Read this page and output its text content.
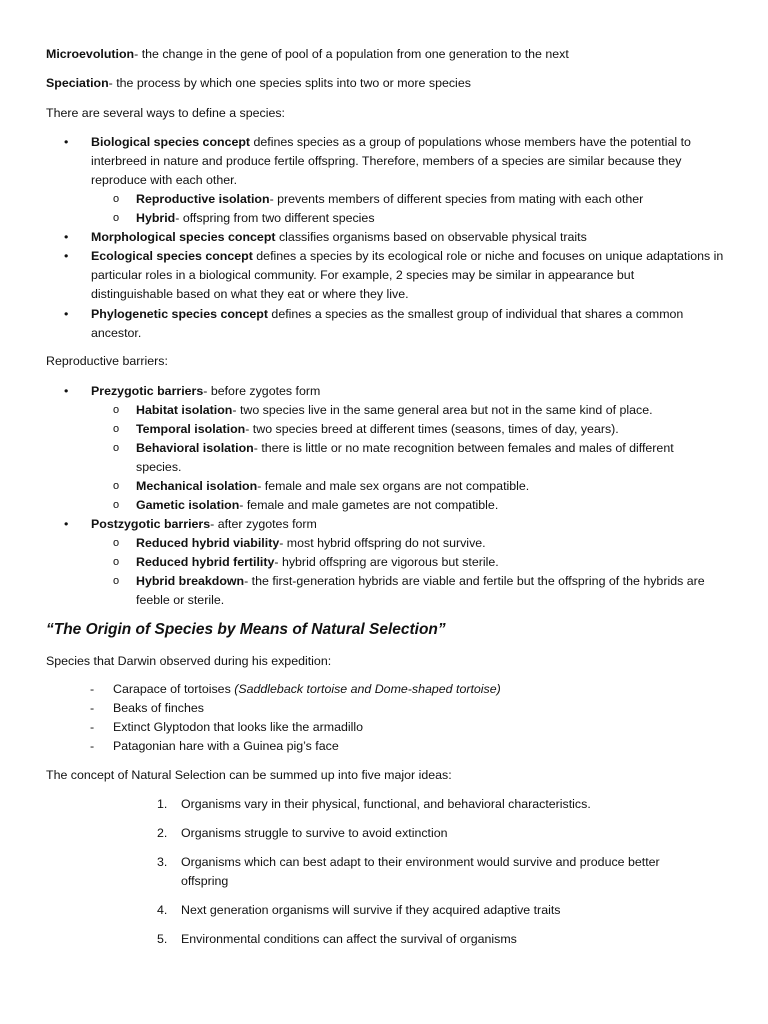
Microevolution- the change in the gene of pool of a population from one generation to the next
Speciation- the process by which one species splits into two or more species
There are several ways to define a species:
•	Biological species concept defines species as a group of populations whose members have the potential to
interbreed in nature and produce fertile offspring. Therefore, members of a species are similar because they
reproduce with each other.
o Reproductive isolation- prevents members of different species from mating with each other
o Hybrid- offspring from two different species
•	Morphological species concept classifies organisms based on observable physical traits
•	Ecological species concept defines a species by its ecological role or niche and focuses on unique adaptations in
particular roles in a biological community. For example, 2 species may be similar in appearance but
distinguishable based on what they eat or where they live.
•	Phylogenetic species concept defines a species as the smallest group of individual that shares a common
ancestor.
Reproductive barriers:
•	Prezygotic barriers- before zygotes form
o Habitat isolation- two species live in the same general area but not in the same kind of place.
o Temporal isolation- two species breed at different times (seasons, times of day, years).
o Behavioral isolation- there is little or no mate recognition between females and males of different
species.
o Mechanical isolation- female and male sex organs are not compatible.
o Gametic isolation- female and male gametes are not compatible.
•	Postzygotic barriers- after zygotes form
o Reduced hybrid viability- most hybrid offspring do not survive.
o Reduced hybrid fertility- hybrid offspring are vigorous but sterile.
o Hybrid breakdown- the first-generation hybrids are viable and fertile but the offspring of the hybrids are
feeble or sterile.
“The Origin of Species by Means of Natural Selection”
Species that Darwin observed during his expedition:
- Carapace of tortoises (Saddleback tortoise and Dome-shaped tortoise)
- Beaks of finches
- Extinct Glyptodon that looks like the armadillo
- Patagonian hare with a Guinea pig’s face
The concept of Natural Selection can be summed up into five major ideas:
1. Organisms vary in their physical, functional, and behavioral characteristics.
2. Organisms struggle to survive to avoid extinction
3. Organisms which can best adapt to their environment would survive and produce better
offspring
4. Next generation organisms will survive if they acquired adaptive traits
5. Environmental conditions can affect the survival of organisms
